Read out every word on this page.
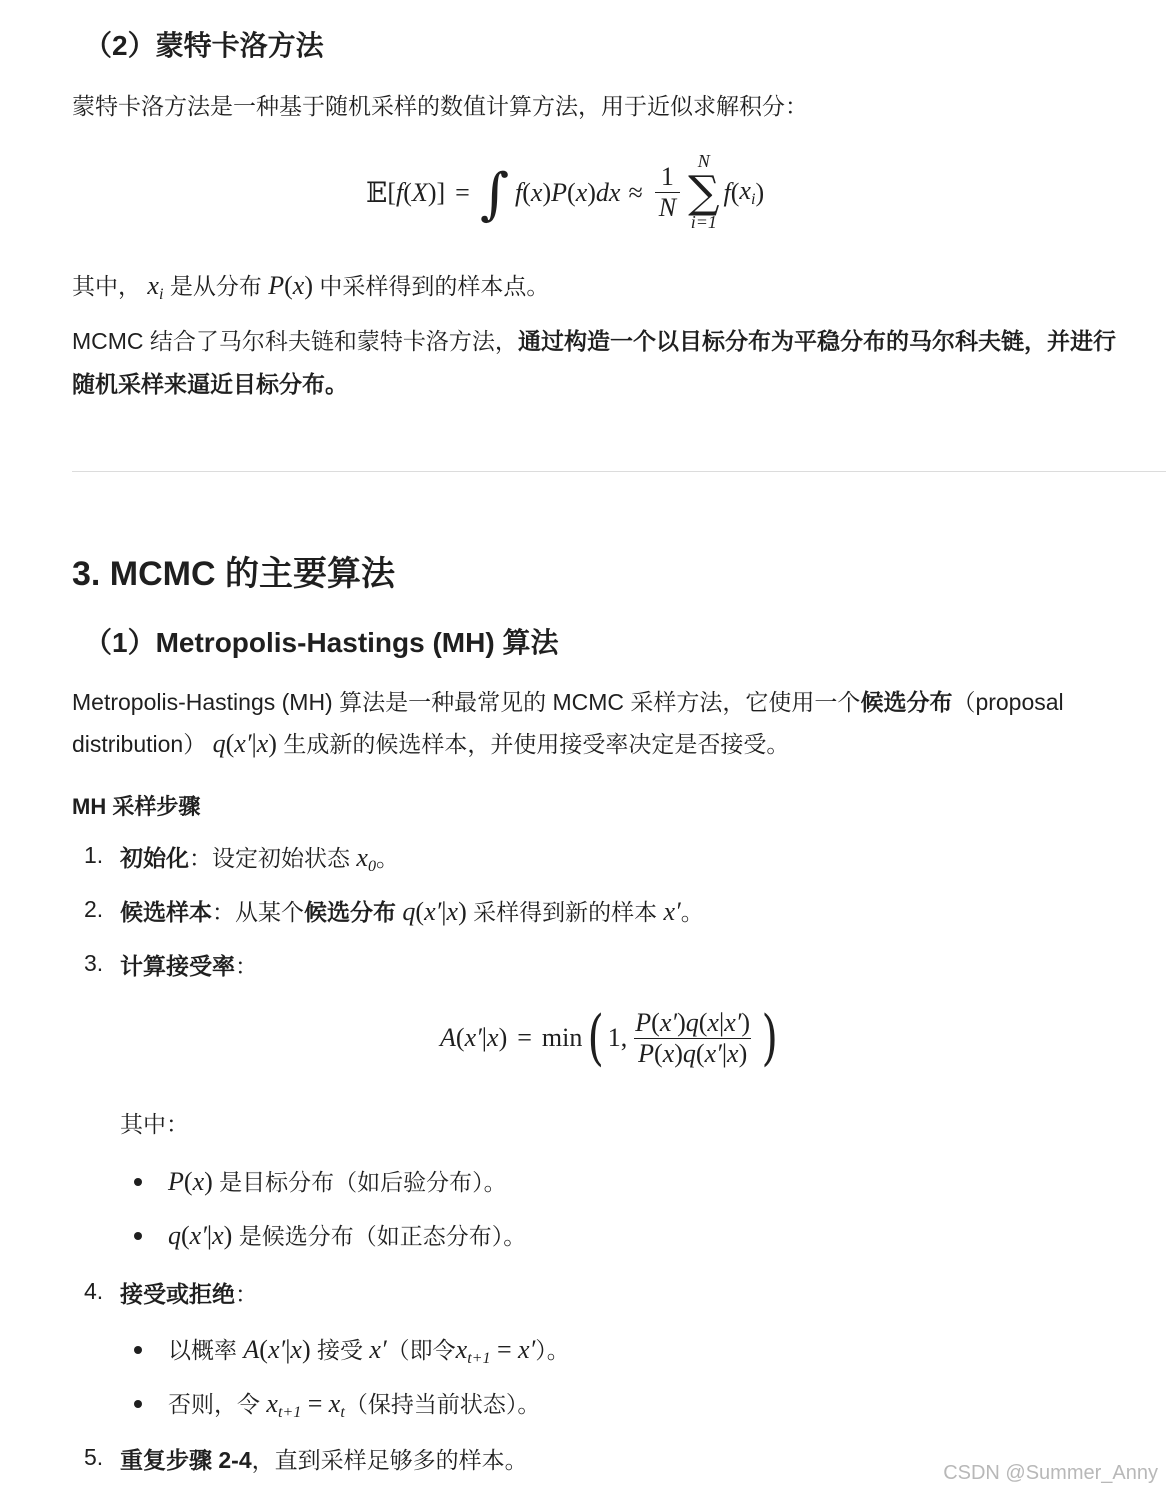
（2）蒙特卡洛方法
蒙特卡洛方法是一种基于随机采样的数值计算方法，用于近似求解积分：
𝔼 [ f ( X )] = ∫ f ( x ) P ( x ) dx ≈ $\frac{1}{N}$
N
∑
i=1
f ( $x_i$ )
其中， $x_i$ 是从分布 P(x) 中采样得到的样本点。
MCMC 结合了马尔科夫链和蒙特卡洛方法，通过构造一个以目标分布为平稳分布的马尔科夫链，并进行
随机采样来逼近目标分布。
3. MCMC 的主要算法
（1）Metropolis-Hastings (MH) 算法
Metropolis-Hastings (MH) 算法是一种最常见的 MCMC 采样方法，它使用一个候选分布（proposal
distribution） q(x′|x) 生成新的候选样本，并使用接受率决定是否接受。
MH 采样步骤
1. 初始化：设定初始状态 $x_0$。
2. 候选样本：从某个候选分布 q(x′|x) 采样得到新的样本 x′。
3. 计算接受率：
A ( x′ | x ) = min ( 1, $\frac{P(x')q(x|x')}{P(x)q(x'|x)}$ )
其中：
P(x) 是目标分布（如后验分布）。
q(x′|x) 是候选分布（如正态分布）。
4. 接受或拒绝：
以概率 A(x′|x) 接受 x′（即令$x_{t+1} = x'$）。
否则，令 $x_{t+1} = x_t$（保持当前状态）。
5. 重复步骤 2-4，直到采样足够多的样本。	CSDN @Summer_Anny
